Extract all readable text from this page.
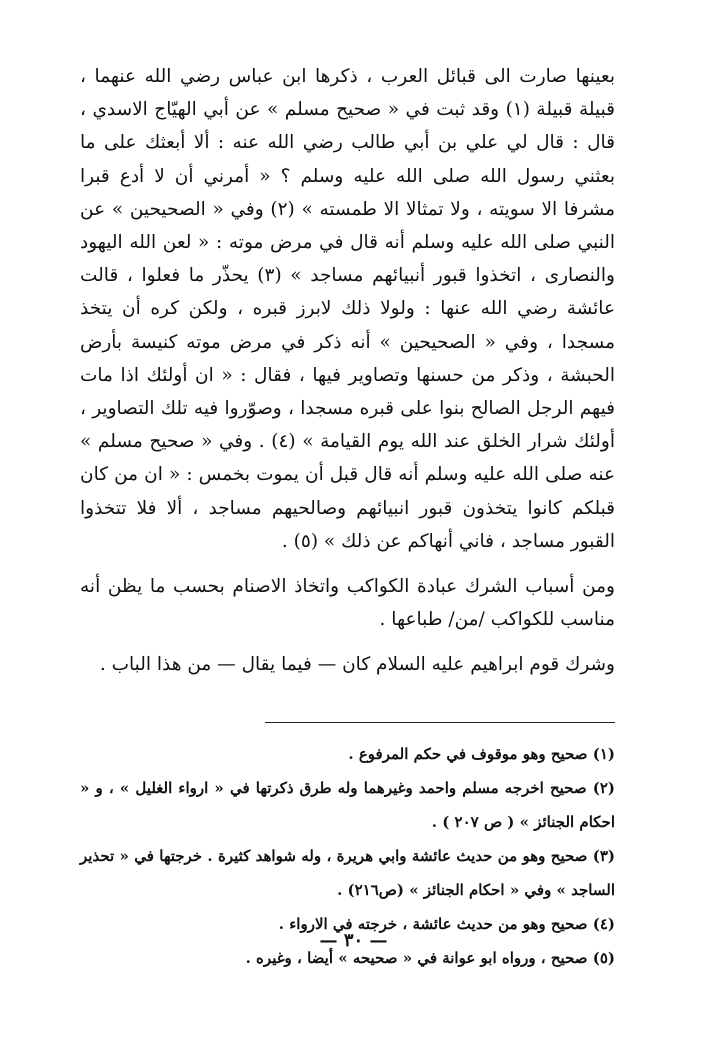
بعينها صارت الى قبائل العرب ، ذكرها ابن عباس رضي الله عنهما ، قبيلة قبيلة (١) وقد ثبت في « صحيح مسلم » عن أبي الهيّاج الاسدي ، قال : قال لي علي بن أبي طالب رضي الله عنه : ألا أبعثك على ما بعثني رسول الله صلى الله عليه وسلم ؟ « أمرني أن لا أدع قبرا مشرفا الا سويته ، ولا تمثالا الا طمسته » (٢) وفي « الصحيحين » عن النبي صلى الله عليه وسلم أنه قال في مرض موته : « لعن الله اليهود والنصارى ، اتخذوا قبور أنبيائهم مساجد » (٣) يحذّر ما فعلوا ، قالت عائشة رضي الله عنها : ولولا ذلك لابرز قبره ، ولكن كره أن يتخذ مسجدا ، وفي « الصحيحين » أنه ذكر في مرض موته كنيسة بأرض الحبشة ، وذكر من حسنها وتصاوير فيها ، فقال : « ان أولئك اذا مات فيهم الرجل الصالح بنوا على قبره مسجدا ، وصوّروا فيه تلك التصاوير ، أولئك شرار الخلق عند الله يوم القيامة » (٤) . وفي « صحيح مسلم » عنه صلى الله عليه وسلم أنه قال قبل أن يموت بخمس : « ان من كان قبلكم كانوا يتخذون قبور انبيائهم وصالحيهم مساجد ، ألا فلا تتخذوا القبور مساجد ، فاني أنهاكم عن ذلك » (٥) .

ومن أسباب الشرك عبادة الكواكب واتخاذ الاصنام بحسب ما يظن أنه مناسب للكواكب /من/ طباعها .

وشرك قوم ابراهيم عليه السلام كان — فيما يقال — من هذا الباب .

(١) صحيح وهو موقوف في حكم المرفوع .

(٢) صحيح اخرجه مسلم واحمد وغيرهما وله طرق ذكرتها في « ارواء الغليل » ، و « احكام الجنائز » ( ص ٢٠٧ ) .

(٣) صحيح وهو من حديث عائشة وابي هريرة ، وله شواهد كثيرة . خرجتها في « تحذير الساجد » وفي « احكام الجنائز » (ص٢١٦) .

(٤) صحيح وهو من حديث عائشة ، خرجته في الارواء .

(٥) صحيح ، ورواه ابو عوانة في « صحيحه » أيضا ، وغيره .

— ٣٠ —
